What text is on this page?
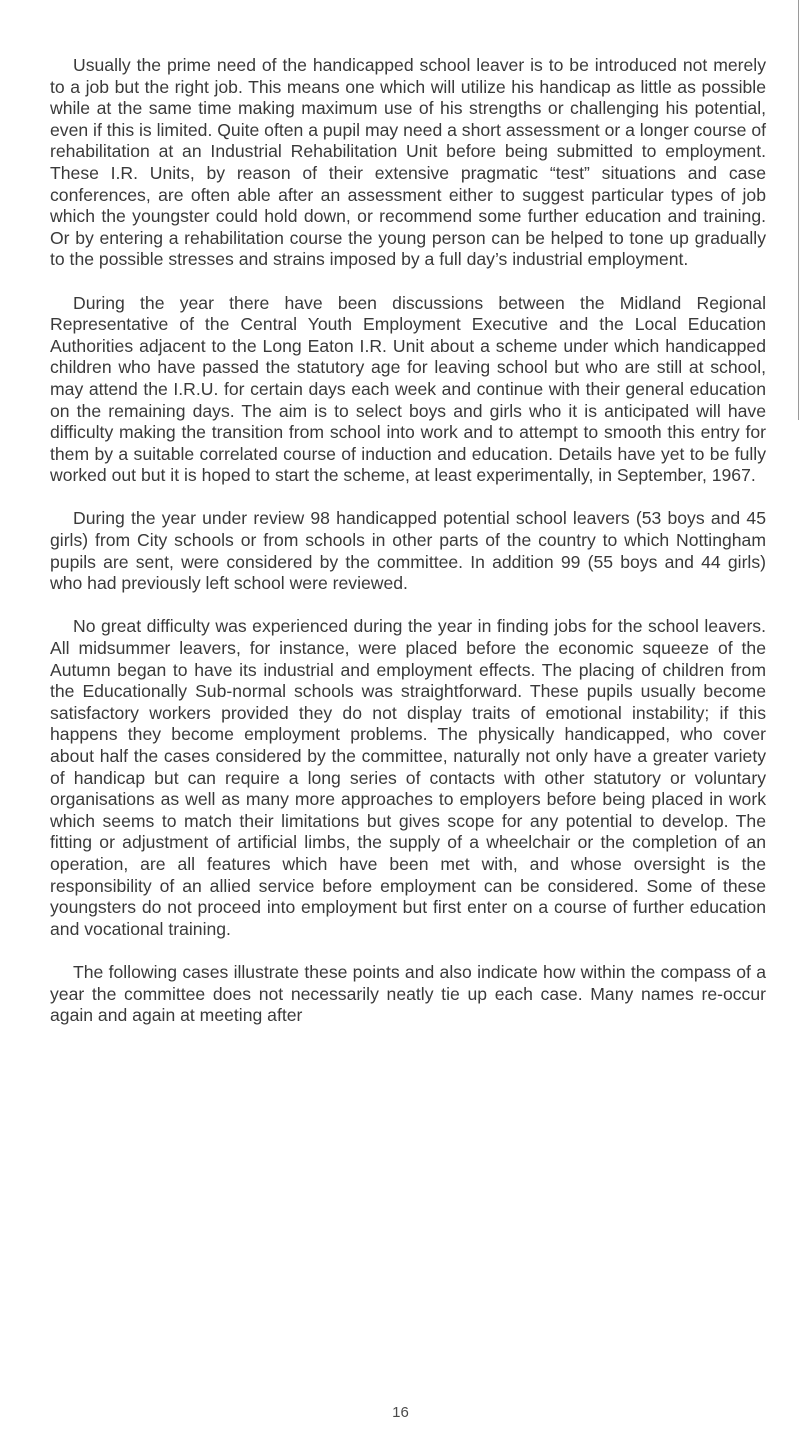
Usually the prime need of the handicapped school leaver is to be introduced not merely to a job but the right job. This means one which will utilize his handicap as little as possible while at the same time making maximum use of his strengths or challenging his potential, even if this is limited. Quite often a pupil may need a short assessment or a longer course of rehabilitation at an Industrial Rehabilitation Unit before being submitted to employment. These I.R. Units, by reason of their extensive pragmatic “test” situations and case conferences, are often able after an assessment either to suggest particular types of job which the youngster could hold down, or recommend some further education and training. Or by entering a rehabilitation course the young person can be helped to tone up gradually to the possible stresses and strains imposed by a full day’s industrial employment.

During the year there have been discussions between the Midland Regional Representative of the Central Youth Employment Executive and the Local Education Authorities adjacent to the Long Eaton I.R. Unit about a scheme under which handicapped children who have passed the statutory age for leaving school but who are still at school, may attend the I.R.U. for certain days each week and continue with their general education on the remaining days. The aim is to select boys and girls who it is anticipated will have difficulty making the transition from school into work and to attempt to smooth this entry for them by a suitable correlated course of induction and education. Details have yet to be fully worked out but it is hoped to start the scheme, at least experimentally, in September, 1967.

During the year under review 98 handicapped potential school leavers (53 boys and 45 girls) from City schools or from schools in other parts of the country to which Nottingham pupils are sent, were considered by the committee. In addition 99 (55 boys and 44 girls) who had previously left school were reviewed.

No great difficulty was experienced during the year in finding jobs for the school leavers. All midsummer leavers, for instance, were placed before the economic squeeze of the Autumn began to have its industrial and employment effects. The placing of children from the Educationally Sub-normal schools was straightforward. These pupils usually become satisfactory workers provided they do not display traits of emotional instability; if this happens they become employment problems. The physically handicapped, who cover about half the cases considered by the committee, naturally not only have a greater variety of handicap but can require a long series of contacts with other statutory or voluntary organisations as well as many more approaches to employers before being placed in work which seems to match their limitations but gives scope for any potential to develop. The fitting or adjustment of artificial limbs, the supply of a wheelchair or the completion of an operation, are all features which have been met with, and whose oversight is the responsibility of an allied service before employment can be considered. Some of these youngsters do not proceed into employment but first enter on a course of further education and vocational training.

The following cases illustrate these points and also indicate how within the compass of a year the committee does not necessarily neatly tie up each case. Many names re-occur again and again at meeting after

16
